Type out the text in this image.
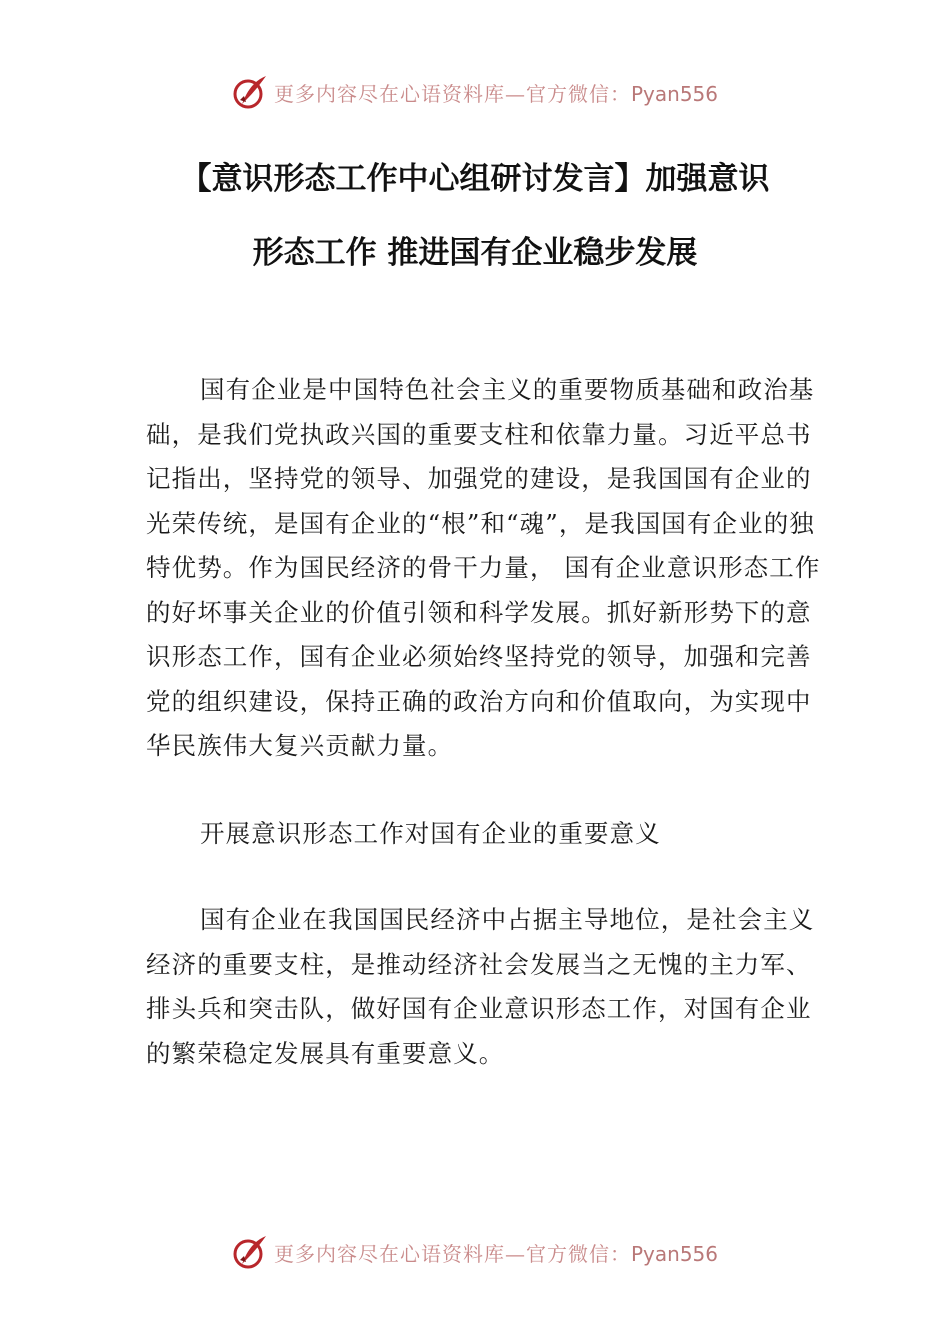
更多内容尽在心语资料库—官方微信：Pyan556
【意识形态工作中心组研讨发言】加强意识
形态工作 推进国有企业稳步发展

国有企业是中国特色社会主义的重要物质基础和政治基础，是我们党执政兴国的重要支柱和依靠力量。习近平总书记指出，坚持党的领导、加强党的建设，是我国国有企业的光荣传统，是国有企业的“根”和“魂”，是我国国有企业的独特优势。作为国民经济的骨干力量， 国有企业意识形态工作的好坏事关企业的价值引领和科学发展。抓好新形势下的意识形态工作，国有企业必须始终坚持党的领导，加强和完善党的组织建设，保持正确的政治方向和价值取向，为实现中华民族伟大复兴贡献力量。

开展意识形态工作对国有企业的重要意义

国有企业在我国国民经济中占据主导地位，是社会主义经济的重要支柱，是推动经济社会发展当之无愧的主力军、排头兵和突击队，做好国有企业意识形态工作，对国有企业的繁荣稳定发展具有重要意义。

更多内容尽在心语资料库—官方微信：Pyan556
